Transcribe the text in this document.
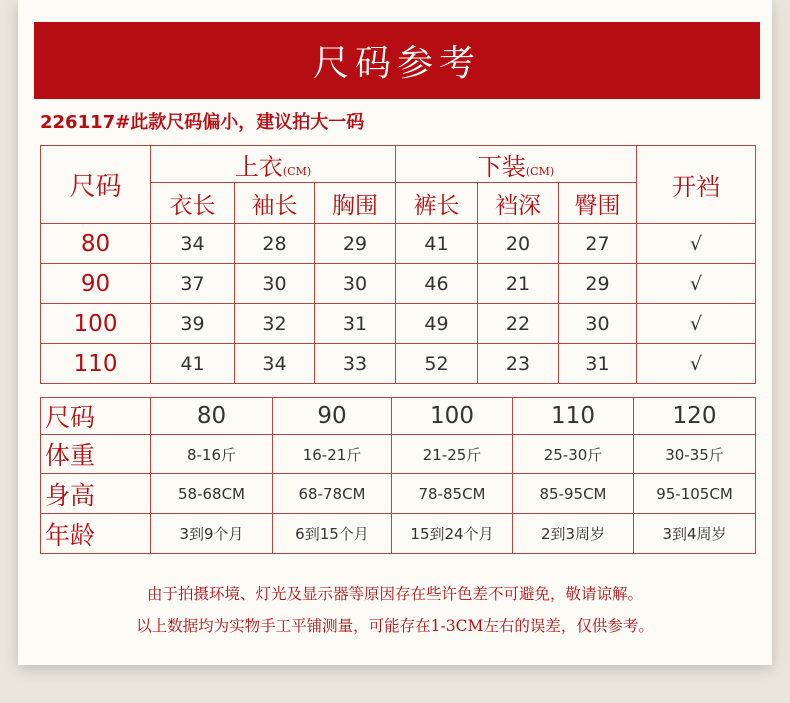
尺码参考
226117#此款尺码偏小，建议拍大一码
尺码	上衣(CM)			下装(CM)			开裆
	衣长	袖长	胸围	裤长	裆深	臀围	
80	34	28	29	41	20	27	√
90	37	30	30	46	21	29	√
100	39	32	31	49	22	30	√
110	41	34	33	52	23	31	√
尺码	80	90	100	110	120
体重	8-16斤	16-21斤	21-25斤	25-30斤	30-35斤
身高	58-68CM	68-78CM	78-85CM	85-95CM	95-105CM
年龄	3到9个月	6到15个月	15到24个月	2到3周岁	3到4周岁
由于拍摄环境、灯光及显示器等原因存在些许色差不可避免，敬请谅解。
以上数据均为实物手工平铺测量，可能存在1-3CM左右的误差，仅供参考。
